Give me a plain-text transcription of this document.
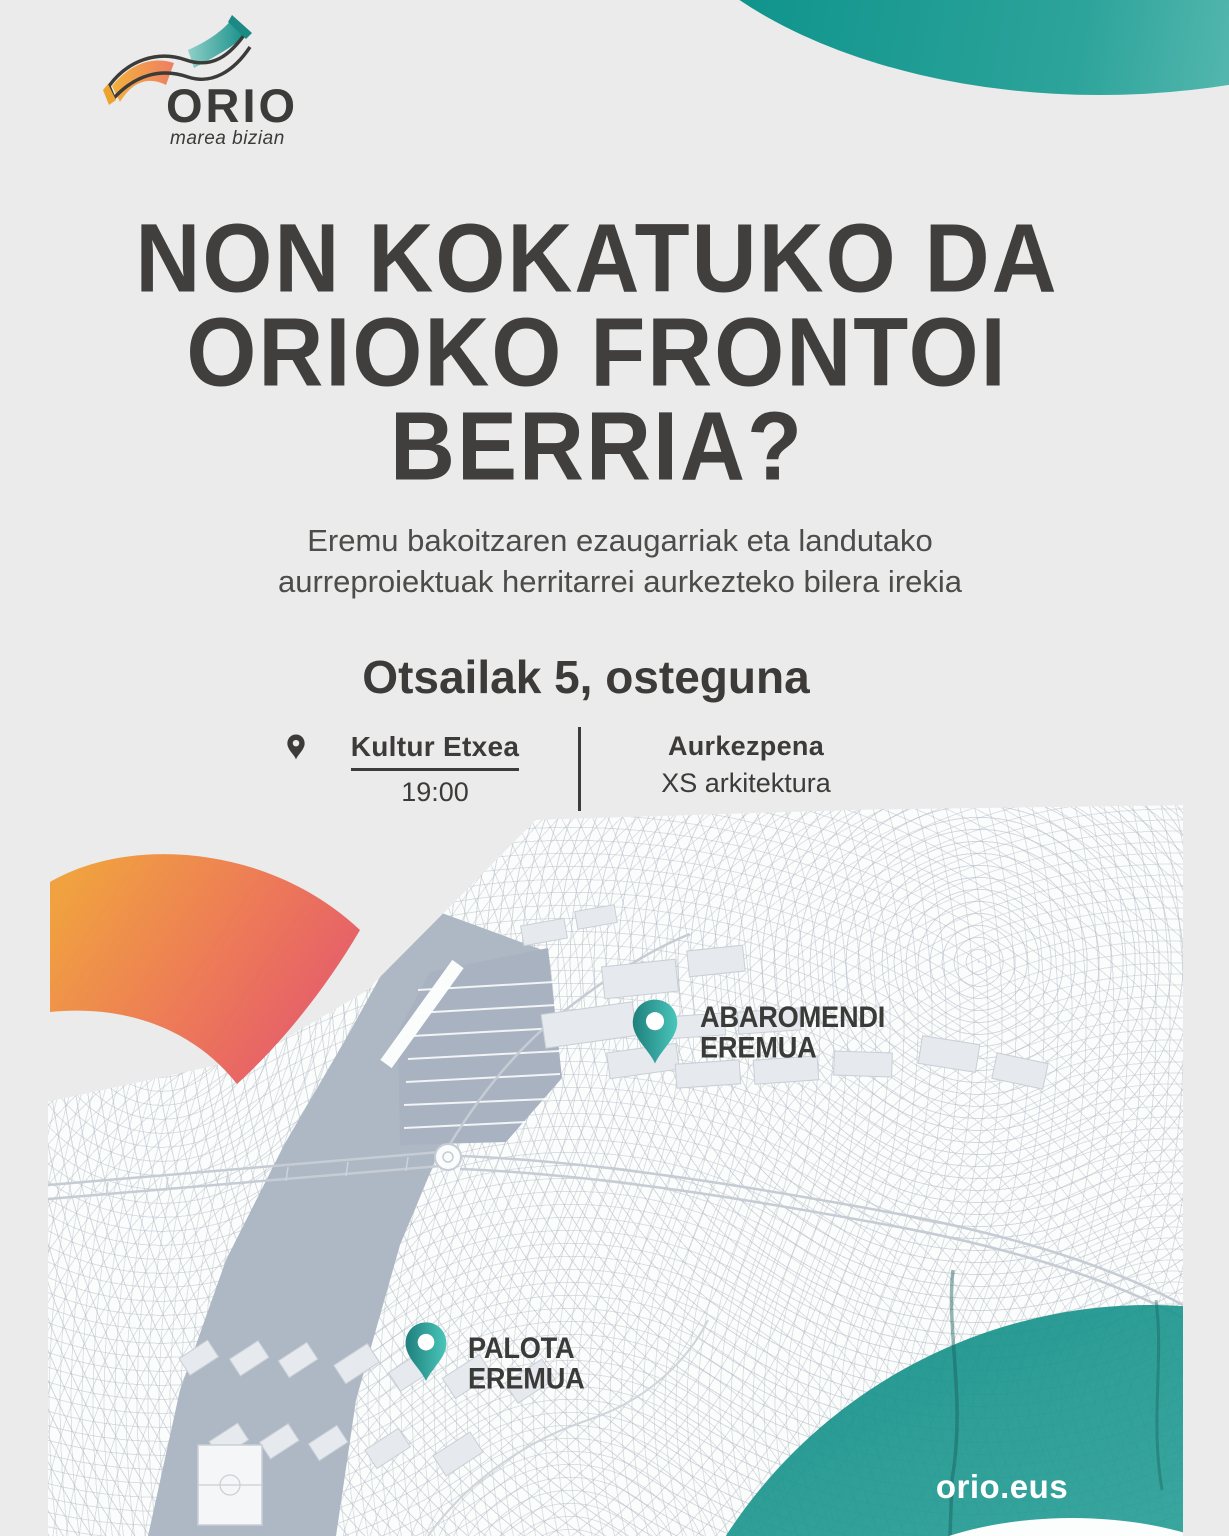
ORIO
marea bizian
NON KOKATUKO DA
ORIOKO FRONTOI
BERRIA?
Eremu bakoitzaren ezaugarriak eta landutako
aurreproiektuak herritarrei aurkezteko bilera irekia
Otsailak 5, osteguna
Kultur Etxea
19:00
Aurkezpena
XS arkitektura
orio.eus
ABAROMENDI
EREMUA
PALOTA
EREMUA
